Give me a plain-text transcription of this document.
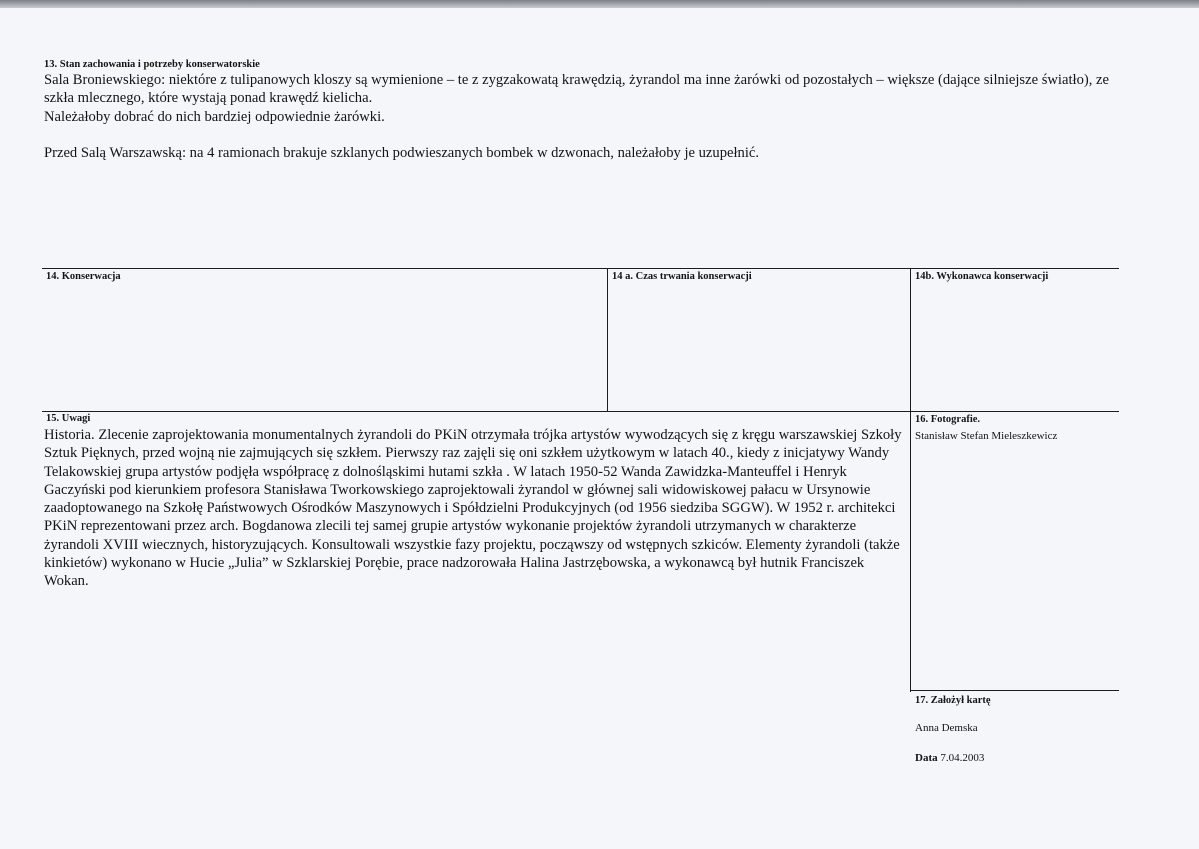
13. Stan zachowania i potrzeby konserwatorskie

Sala Broniewskiego: niektóre z tulipanowych kloszy są wymienione – te z zygzakowatą krawędzią, żyrandol ma inne żarówki od pozostałych – większe (dające silniejsze światło), ze szkła mlecznego, które wystają ponad krawędź kielicha.

Należałoby dobrać do nich bardziej odpowiednie żarówki.

Przed Salą Warszawską: na 4 ramionach brakuje szklanych podwieszanych bombek w dzwonach, należałoby je uzupełnić.

14. Konserwacja	14 a. Czas trwania konserwacji	14b. Wykonawca konserwacji
15. Uwagi
Historia. Zlecenie zaprojektowania monumentalnych żyrandoli do PKiN otrzymała trójka artystów wywodzących się z kręgu warszawskiej Szkoły Sztuk Pięknych, przed wojną nie zajmujących się szkłem. Pierwszy raz zajęli się oni szkłem użytkowym w latach 40., kiedy z inicjatywy Wandy Telakowskiej grupa artystów podjęła współpracę z dolnośląskimi hutami szkła . W latach 1950-52 Wanda Zawidzka-Manteuffel i Henryk Gaczyński pod kierunkiem profesora Stanisława Tworkowskiego zaprojektowali żyrandol w głównej sali widowiskowej pałacu w Ursynowie zaadoptowanego na Szkołę Państwowych Ośrodków Maszynowych i Spółdzielni Produkcyjnych (od 1956 siedziba SGGW). W 1952 r. architekci PKiN reprezentowani przez arch. Bogdanowa zlecili tej samej grupie artystów wykonanie projektów żyrandoli utrzymanych w charakterze żyrandoli XVIII wiecznych, historyzujących. Konsultowali wszystkie fazy projektu, począwszy od wstępnych szkiców. Elementy żyrandoli (także kinkietów) wykonano w Hucie „Julia” w Szklarskiej Porębie, prace nadzorowała Halina Jastrzębowska, a wykonawcą był hutnik Franciszek Wokan.
16. Fotografie.
Stanisław Stefan Mieleszkewicz
17. Założył kartę
Anna Demska
Data 7.04.2003
